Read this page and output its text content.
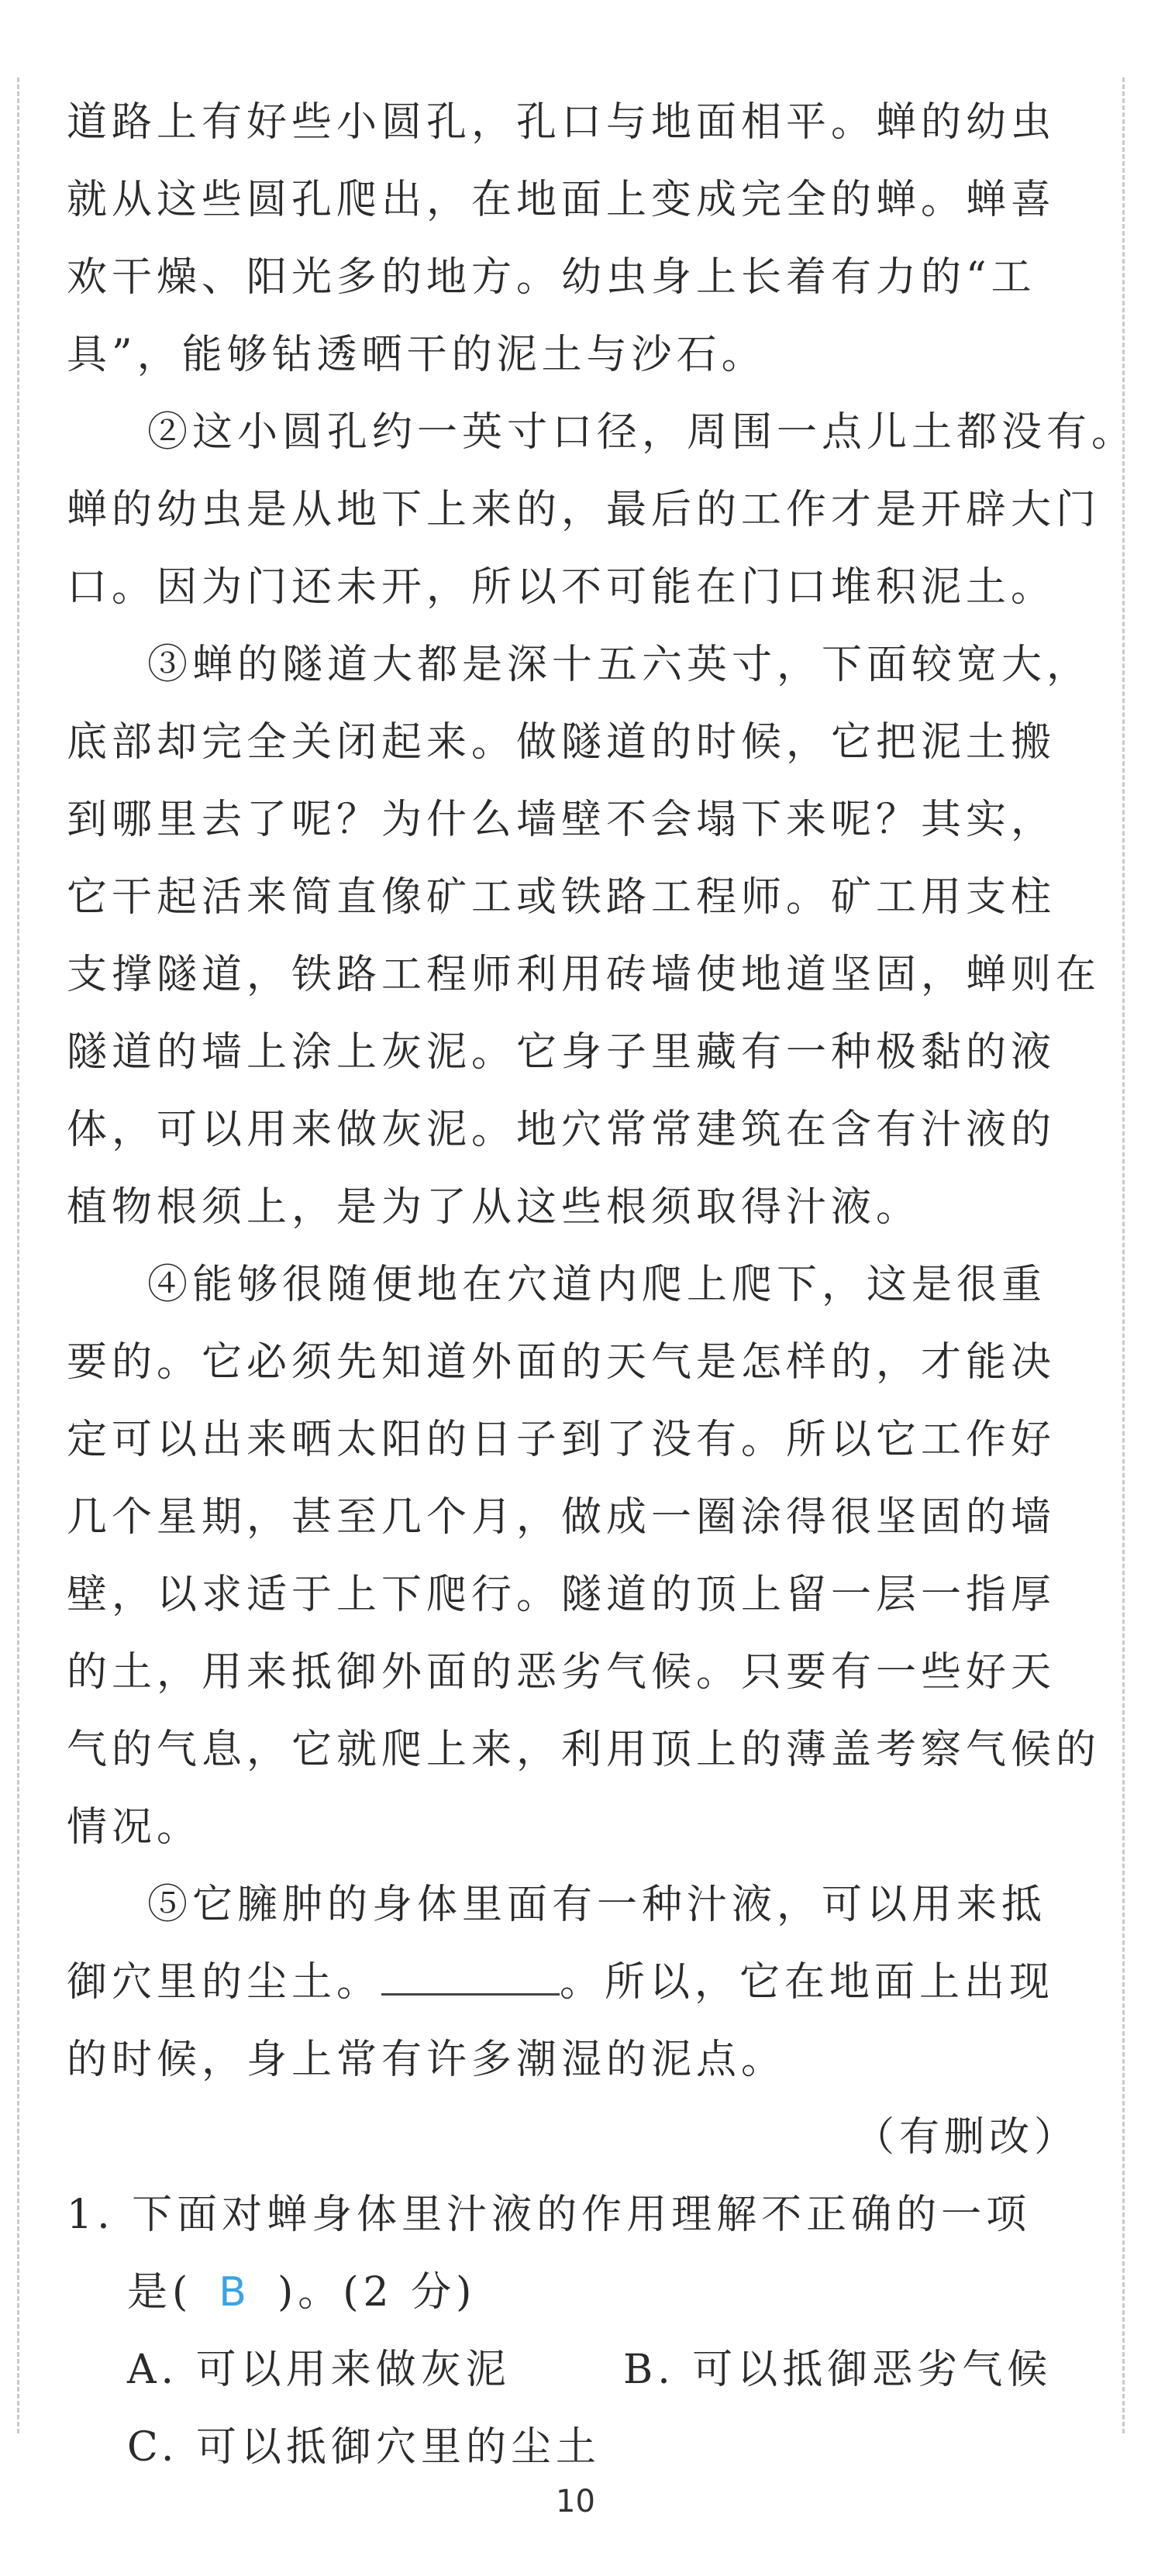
道路上有好些小圆孔，孔口与地面相平。蝉的幼虫
就从这些圆孔爬出，在地面上变成完全的蝉。蝉喜
欢干燥、阳光多的地方。幼虫身上长着有力的“工
具”，能够钻透晒干的泥土与沙石。
②这小圆孔约一英寸口径，周围一点儿土都没有。
蝉的幼虫是从地下上来的，最后的工作才是开辟大门
口。因为门还未开，所以不可能在门口堆积泥土。
③蝉的隧道大都是深十五六英寸，下面较宽大，
底部却完全关闭起来。做隧道的时候，它把泥土搬
到哪里去了呢？为什么墙壁不会塌下来呢？其实，
它干起活来简直像矿工或铁路工程师。矿工用支柱
支撑隧道，铁路工程师利用砖墙使地道坚固，蝉则在
隧道的墙上涂上灰泥。它身子里藏有一种极黏的液
体，可以用来做灰泥。地穴常常建筑在含有汁液的
植物根须上，是为了从这些根须取得汁液。
④能够很随便地在穴道内爬上爬下，这是很重
要的。它必须先知道外面的天气是怎样的，才能决
定可以出来晒太阳的日子到了没有。所以它工作好
几个星期，甚至几个月，做成一圈涂得很坚固的墙
壁，以求适于上下爬行。隧道的顶上留一层一指厚
的土，用来抵御外面的恶劣气候。只要有一些好天
气的气息，它就爬上来，利用顶上的薄盖考察气候的
情况。
⑤它臃肿的身体里面有一种汁液，可以用来抵
御穴里的尘土。	。所以，它在地面上出现
的时候，身上常有许多潮湿的泥点。
（有删改）
1. 下面对蝉身体里汁液的作用理解不正确的一项
是( B )。(2 分)
A. 可以用来做灰泥	B. 可以抵御恶劣气候
C. 可以抵御穴里的尘土
10
